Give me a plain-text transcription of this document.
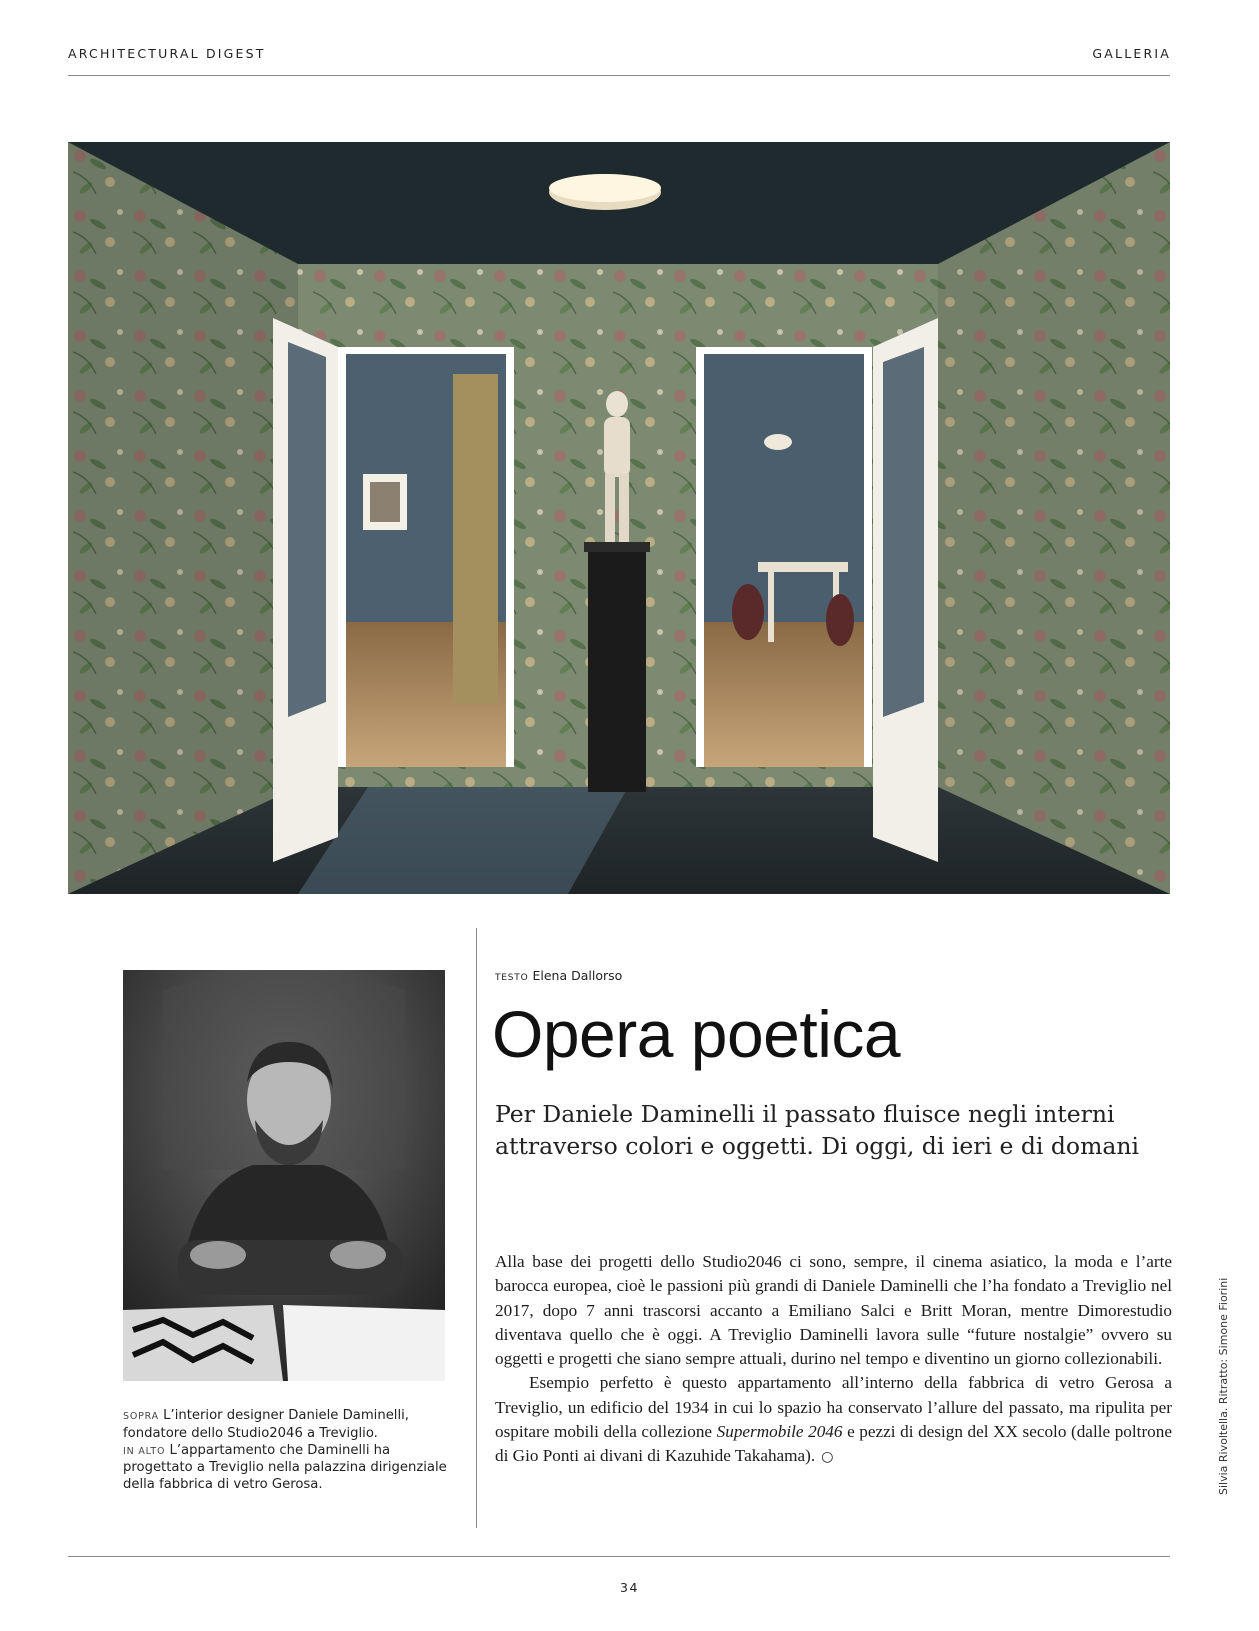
ARCHITECTURAL DIGEST	GALLERIA
Daniele Daminelli — AD 100 Pag. 85
SOPRA L’interior designer Daniele Daminelli, fondatore dello Studio2046 a Treviglio.
IN ALTO L’appartamento che Daminelli ha progettato a Treviglio nella palazzina dirigenziale della fabbrica di vetro Gerosa.
TESTO Elena Dallorso
Opera poetica
Per Daniele Daminelli il passato fluisce negli interni attraverso colori e oggetti. Di oggi, di ieri e di domani

Alla base dei progetti dello Studio2046 ci sono, sempre, il cinema asiatico, la moda e l’arte barocca europea, cioè le passioni più grandi di Daniele Daminelli che l’ha fondato a Treviglio nel 2017, dopo 7 anni trascorsi accanto a Emiliano Salci e Britt Moran, mentre Dimorestudio diventava quello che è oggi. A Treviglio Daminelli lavora sulle “future nostalgie” ovvero su oggetti e progetti che siano sempre attuali, durino nel tempo e diventino un giorno collezionabili.

Esempio perfetto è questo appartamento all’interno della fabbrica di vetro Gerosa a Treviglio, un edificio del 1934 in cui lo spazio ha conservato l’allure del passato, ma ripulita per ospitare mobili della collezione Supermobile 2046 e pezzi di design del XX secolo (dalle poltrone di Gio Ponti ai divani di Kazuhide Takahama). ○	Silvia Rivoltella. Ritratto: Simone Fiorini
34
